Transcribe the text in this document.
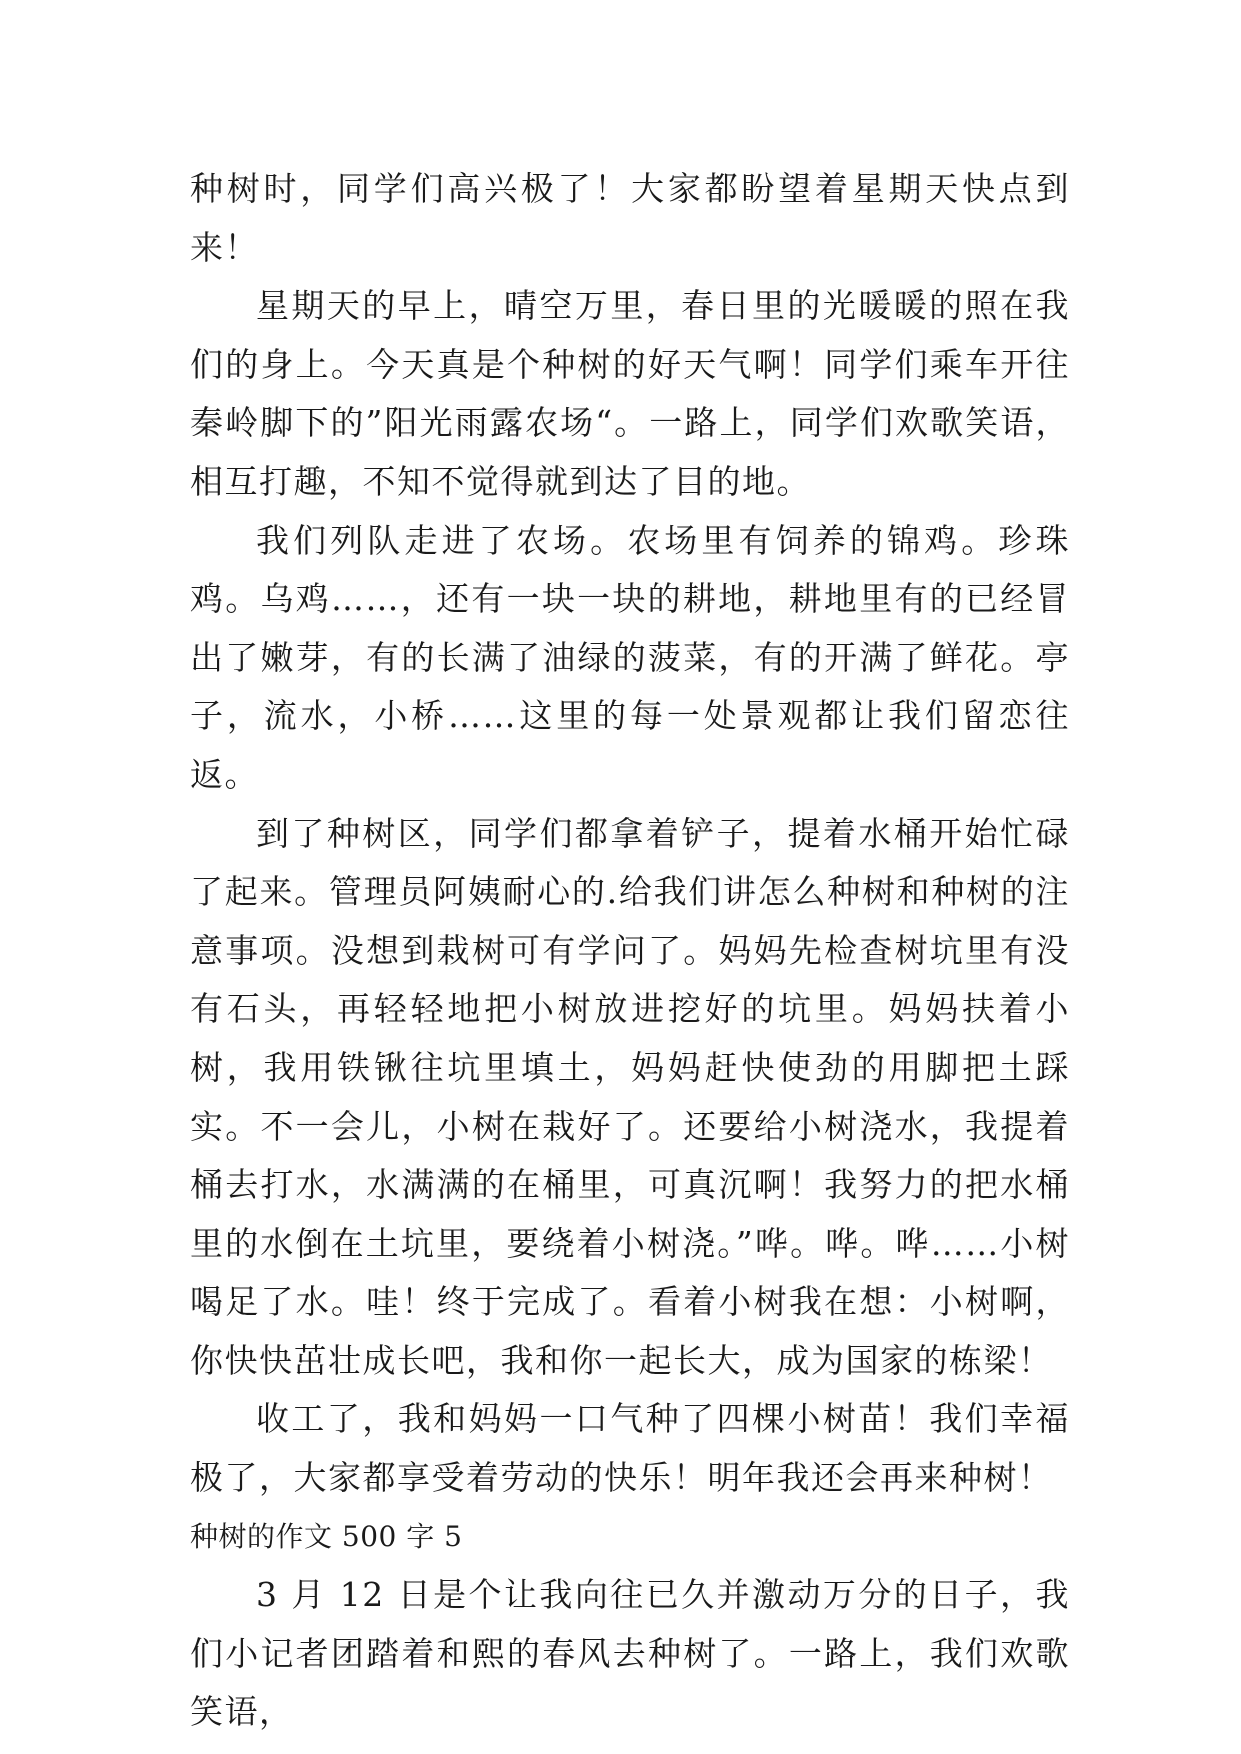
种树时，同学们高兴极了！大家都盼望着星期天快点到来！

星期天的早上，晴空万里，春日里的光暖暖的照在我们的身上。今天真是个种树的好天气啊！同学们乘车开往秦岭脚下的”阳光雨露农场“。一路上，同学们欢歌笑语，相互打趣，不知不觉得就到达了目的地。

我们列队走进了农场。农场里有饲养的锦鸡。珍珠鸡。乌鸡……，还有一块一块的耕地，耕地里有的已经冒出了嫩芽，有的长满了油绿的菠菜，有的开满了鲜花。亭子，流水，小桥……这里的每一处景观都让我们留恋往返。

到了种树区，同学们都拿着铲子，提着水桶开始忙碌了起来。管理员阿姨耐心的.给我们讲怎么种树和种树的注意事项。没想到栽树可有学问了。妈妈先检查树坑里有没有石头，再轻轻地把小树放进挖好的坑里。妈妈扶着小树，我用铁锹往坑里填土，妈妈赶快使劲的用脚把土踩实。不一会儿，小树在栽好了。还要给小树浇水，我提着桶去打水，水满满的在桶里，可真沉啊！我努力的把水桶里的水倒在土坑里，要绕着小树浇。”哗。哗。哗……小树喝足了水。哇！终于完成了。看着小树我在想：小树啊，你快快茁壮成长吧，我和你一起长大，成为国家的栋梁！

收工了，我和妈妈一口气种了四棵小树苗！我们幸福极了，大家都享受着劳动的快乐！明年我还会再来种树！

种树的作文 500 字 5

3 月 12 日是个让我向往已久并激动万分的日子，我们小记者团踏着和熙的春风去种树了。一路上，我们欢歌笑语，
